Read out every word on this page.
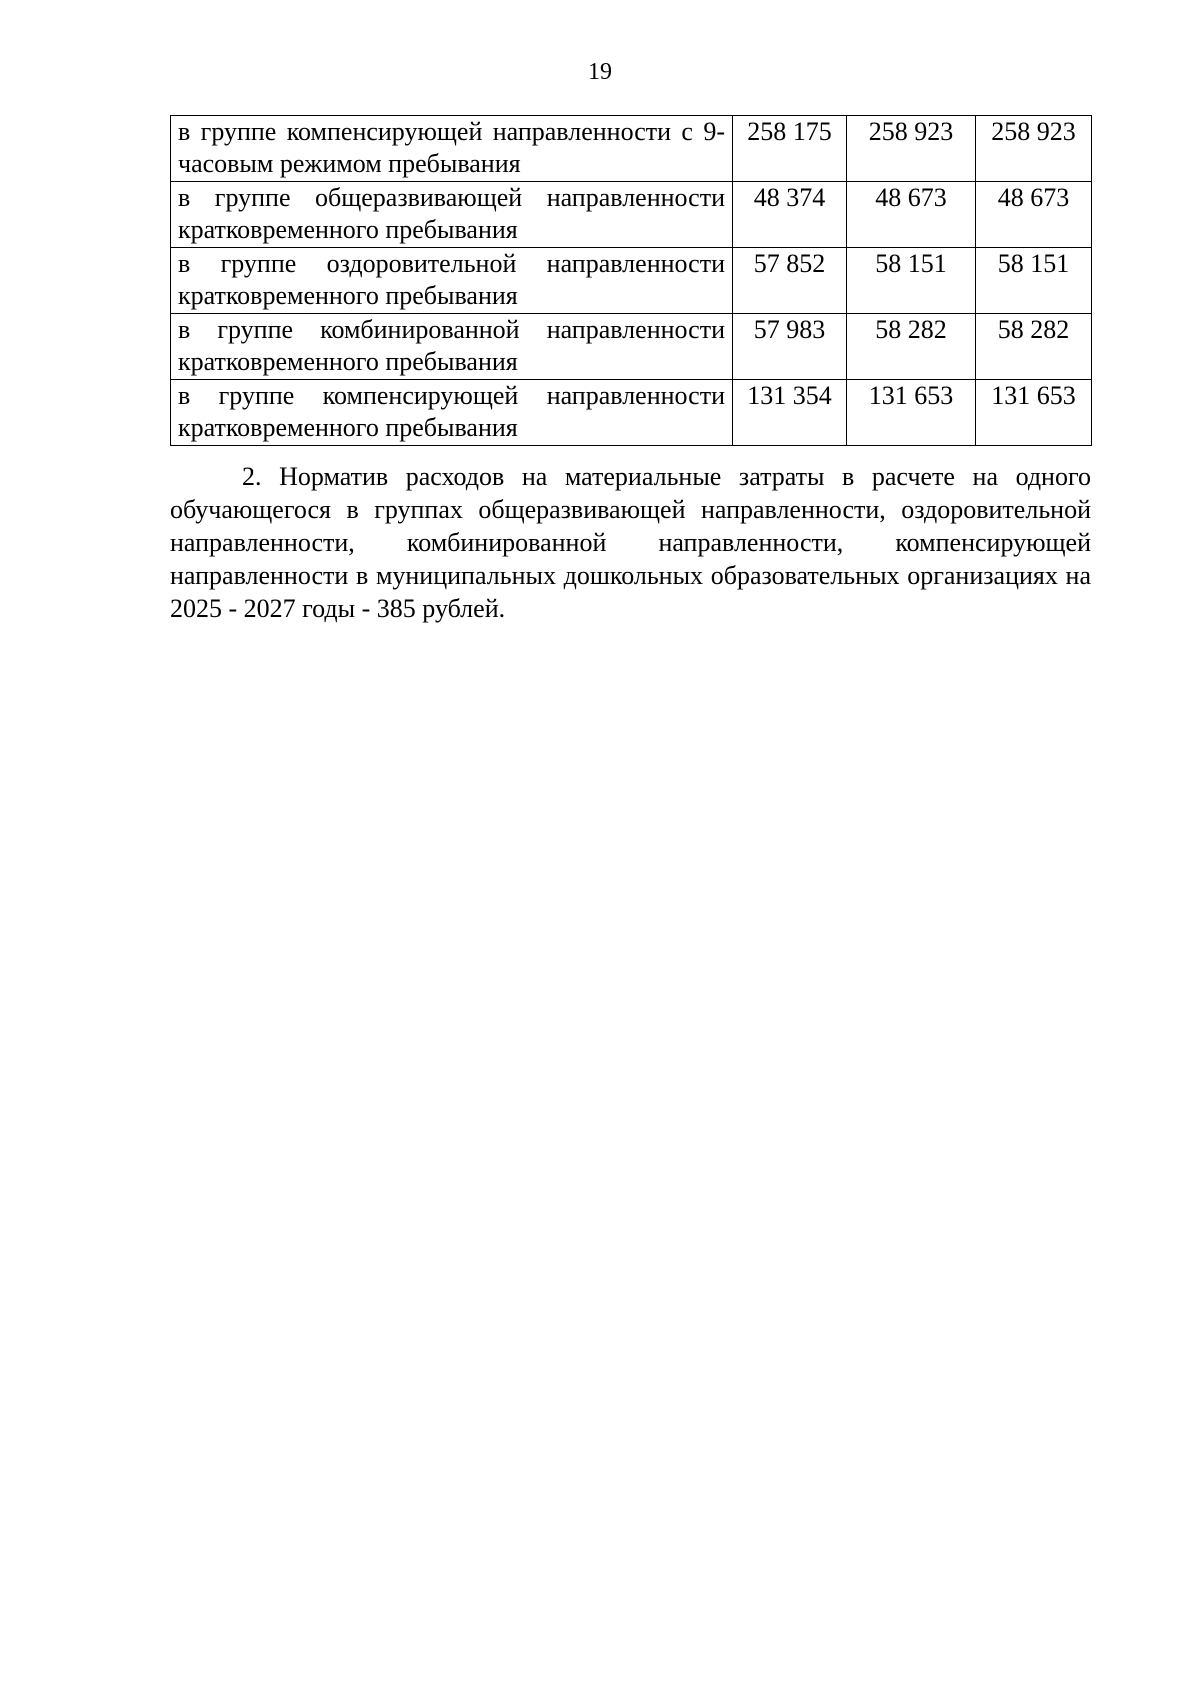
19
в группе компенсирующей направленности с 9-часовым режимом пребывания	258 175	258 923	258 923
в группе общеразвивающей направленности кратковременного пребывания	48 374	48 673	48 673
в группе оздоровительной направленности кратковременного пребывания	57 852	58 151	58 151
в группе комбинированной направленности кратковременного пребывания	57 983	58 282	58 282
в группе компенсирующей направленности кратковременного пребывания	131 354	131 653	131 653

2. Норматив расходов на материальные затраты в расчете на одного обучающегося в группах общеразвивающей направленности, оздоровительной направленности, комбинированной направленности, компенсирующей направленности в муниципальных дошкольных образовательных организациях на 2025 - 2027 годы - 385 рублей.
